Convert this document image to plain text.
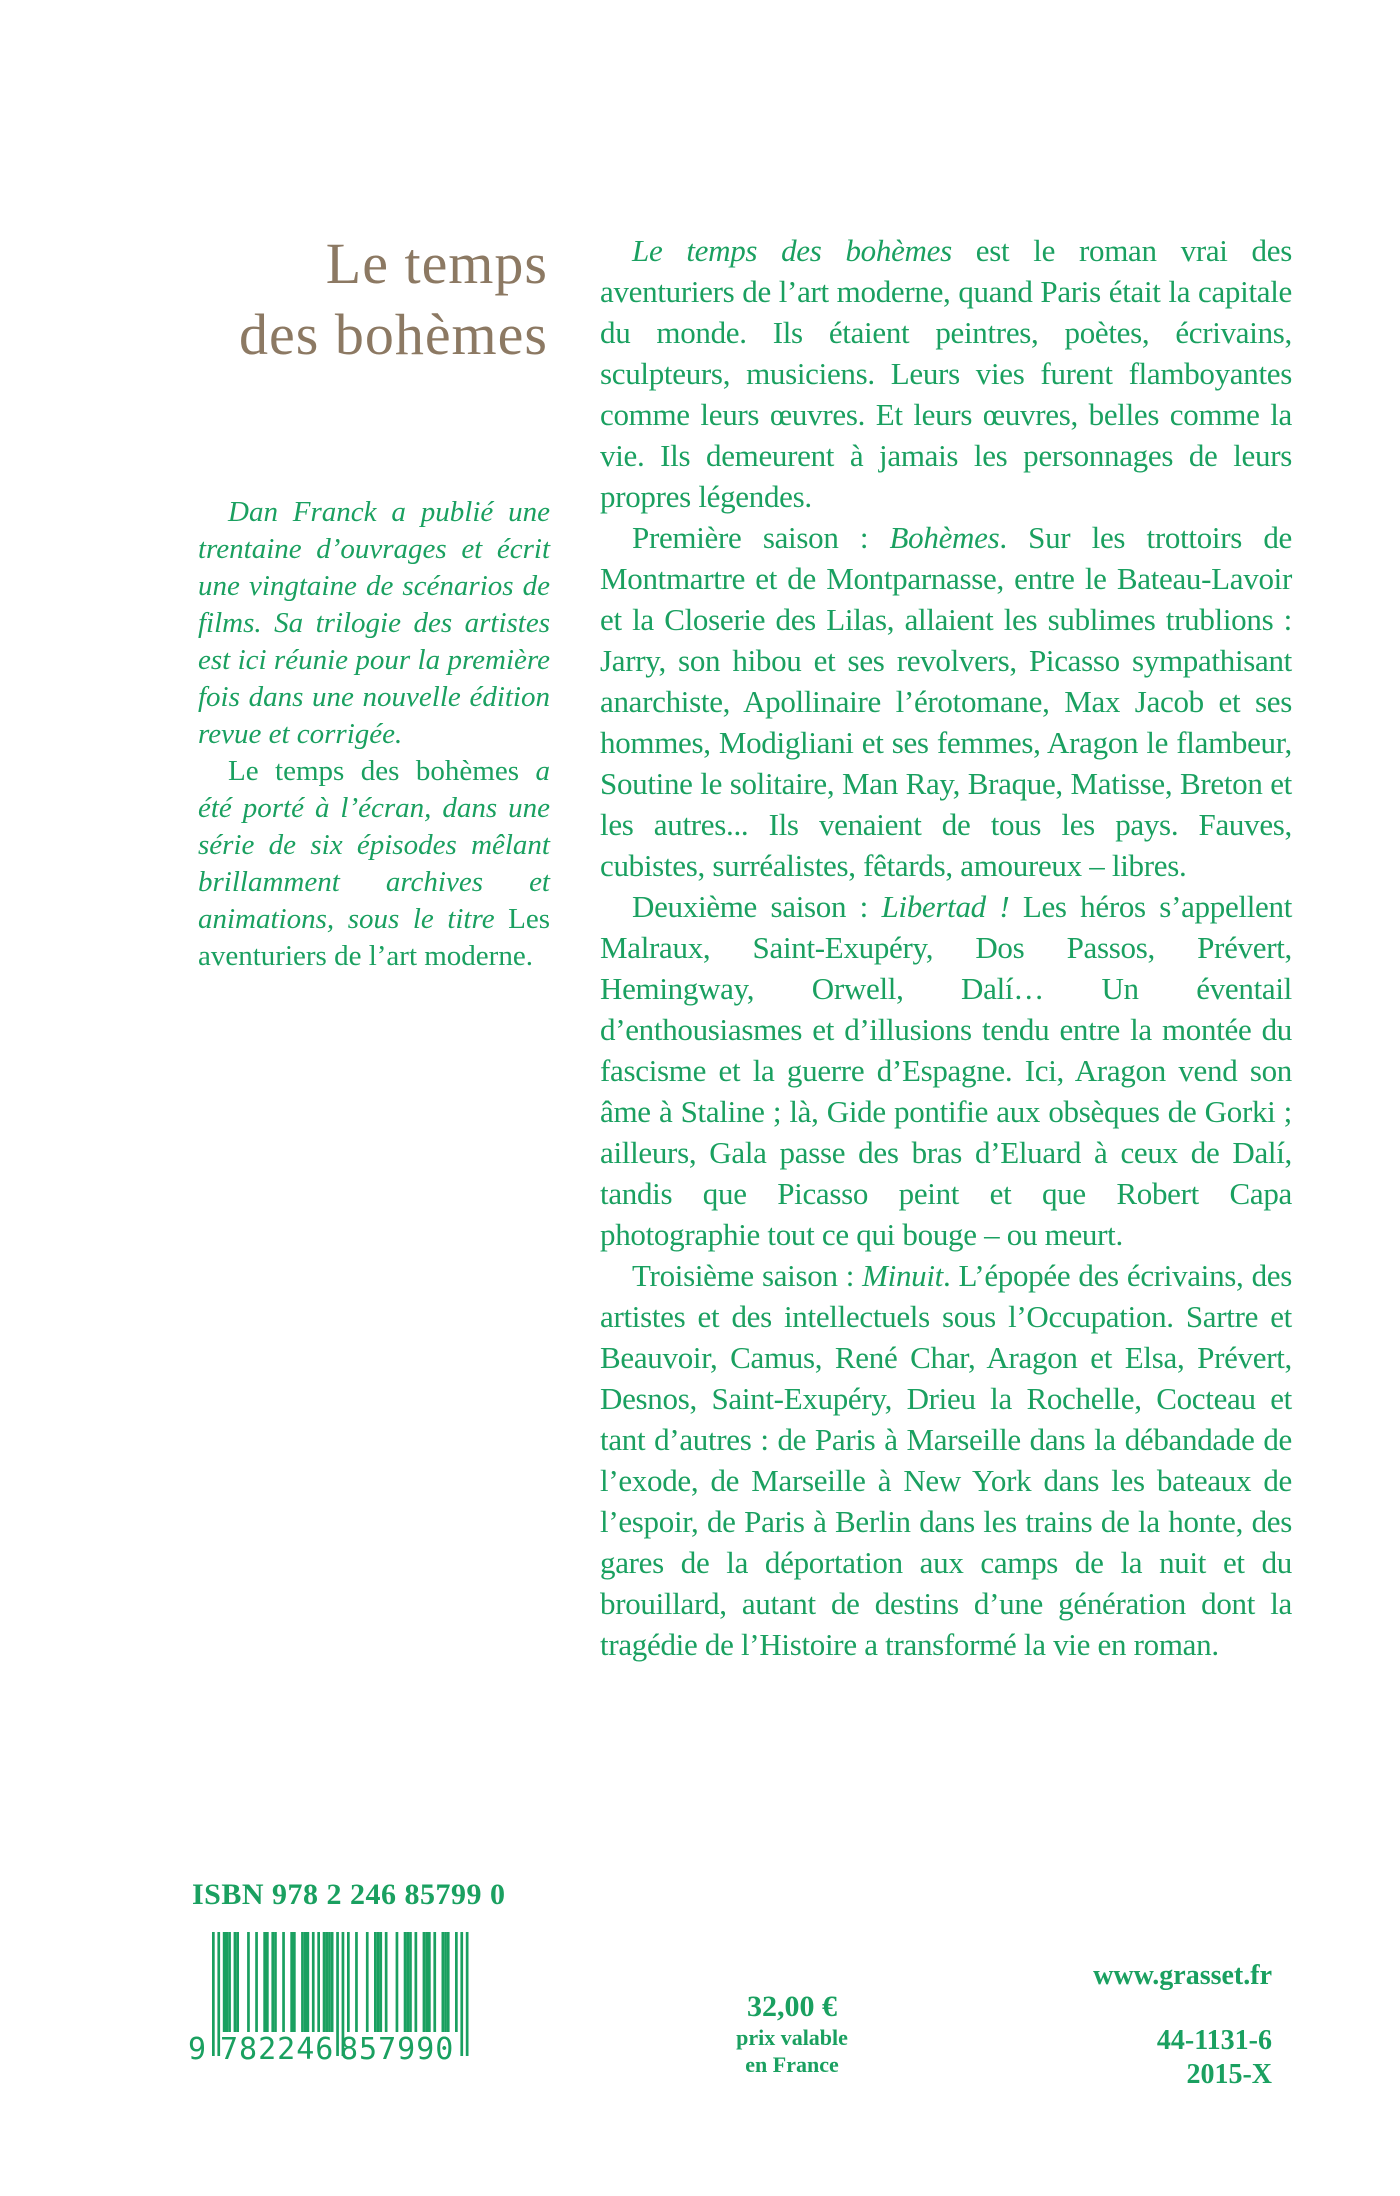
Le temps
des bohèmes

Dan Franck a publié une trentaine d’ouvrages et écrit une vingtaine de scénarios de films. Sa trilogie des artistes est ici réunie pour la première fois dans une nouvelle édition revue et corrigée.

Le temps des bohèmes a été porté à l’écran, dans une série de six épisodes mêlant brillamment archives et animations, sous le titre Les aventuriers de l’art moderne.

Le temps des bohèmes est le roman vrai des aventuriers de l’art moderne, quand Paris était la capitale du monde. Ils étaient peintres, poètes, écrivains, sculpteurs, musiciens. Leurs vies furent flamboyantes comme leurs œuvres. Et leurs œuvres, belles comme la vie. Ils demeurent à jamais les personnages de leurs propres légendes.

Première saison : Bohèmes. Sur les trottoirs de Montmartre et de Montparnasse, entre le Bateau-Lavoir et la Closerie des Lilas, allaient les sublimes trublions : Jarry, son hibou et ses revolvers, Picasso sympathisant anarchiste, Apollinaire l’érotomane, Max Jacob et ses hommes, Modigliani et ses femmes, Aragon le flambeur, Soutine le solitaire, Man Ray, Braque, Matisse, Breton et les autres... Ils venaient de tous les pays. Fauves, cubistes, surréalistes, fêtards, amoureux – libres.

Deuxième saison : Libertad ! Les héros s’appellent Malraux, Saint-Exupéry, Dos Passos, Prévert, Hemingway, Orwell, Dalí… Un éventail d’enthousiasmes et d’illusions tendu entre la montée du fascisme et la guerre d’Espagne. Ici, Aragon vend son âme à Staline ; là, Gide pontifie aux obsèques de Gorki ; ailleurs, Gala passe des bras d’Eluard à ceux de Dalí, tandis que Picasso peint et que Robert Capa photographie tout ce qui bouge – ou meurt.

Troisième saison : Minuit. L’épopée des écrivains, des artistes et des intellectuels sous l’Occupation. Sartre et Beauvoir, Camus, René Char, Aragon et Elsa, Prévert, Desnos, Saint-Exupéry, Drieu la Rochelle, Cocteau et tant d’autres : de Paris à Marseille dans la débandade de l’exode, de Marseille à New York dans les bateaux de l’espoir, de Paris à Berlin dans les trains de la honte, des gares de la déportation aux camps de la nuit et du brouillard, autant de destins d’une génération dont la tragédie de l’Histoire a transformé la vie en roman.

ISBN 978 2 246 85799 0
9 782246 857990
32,00 €
prix valable
en France
www.grasset.fr
44-1131-6
2015-X
